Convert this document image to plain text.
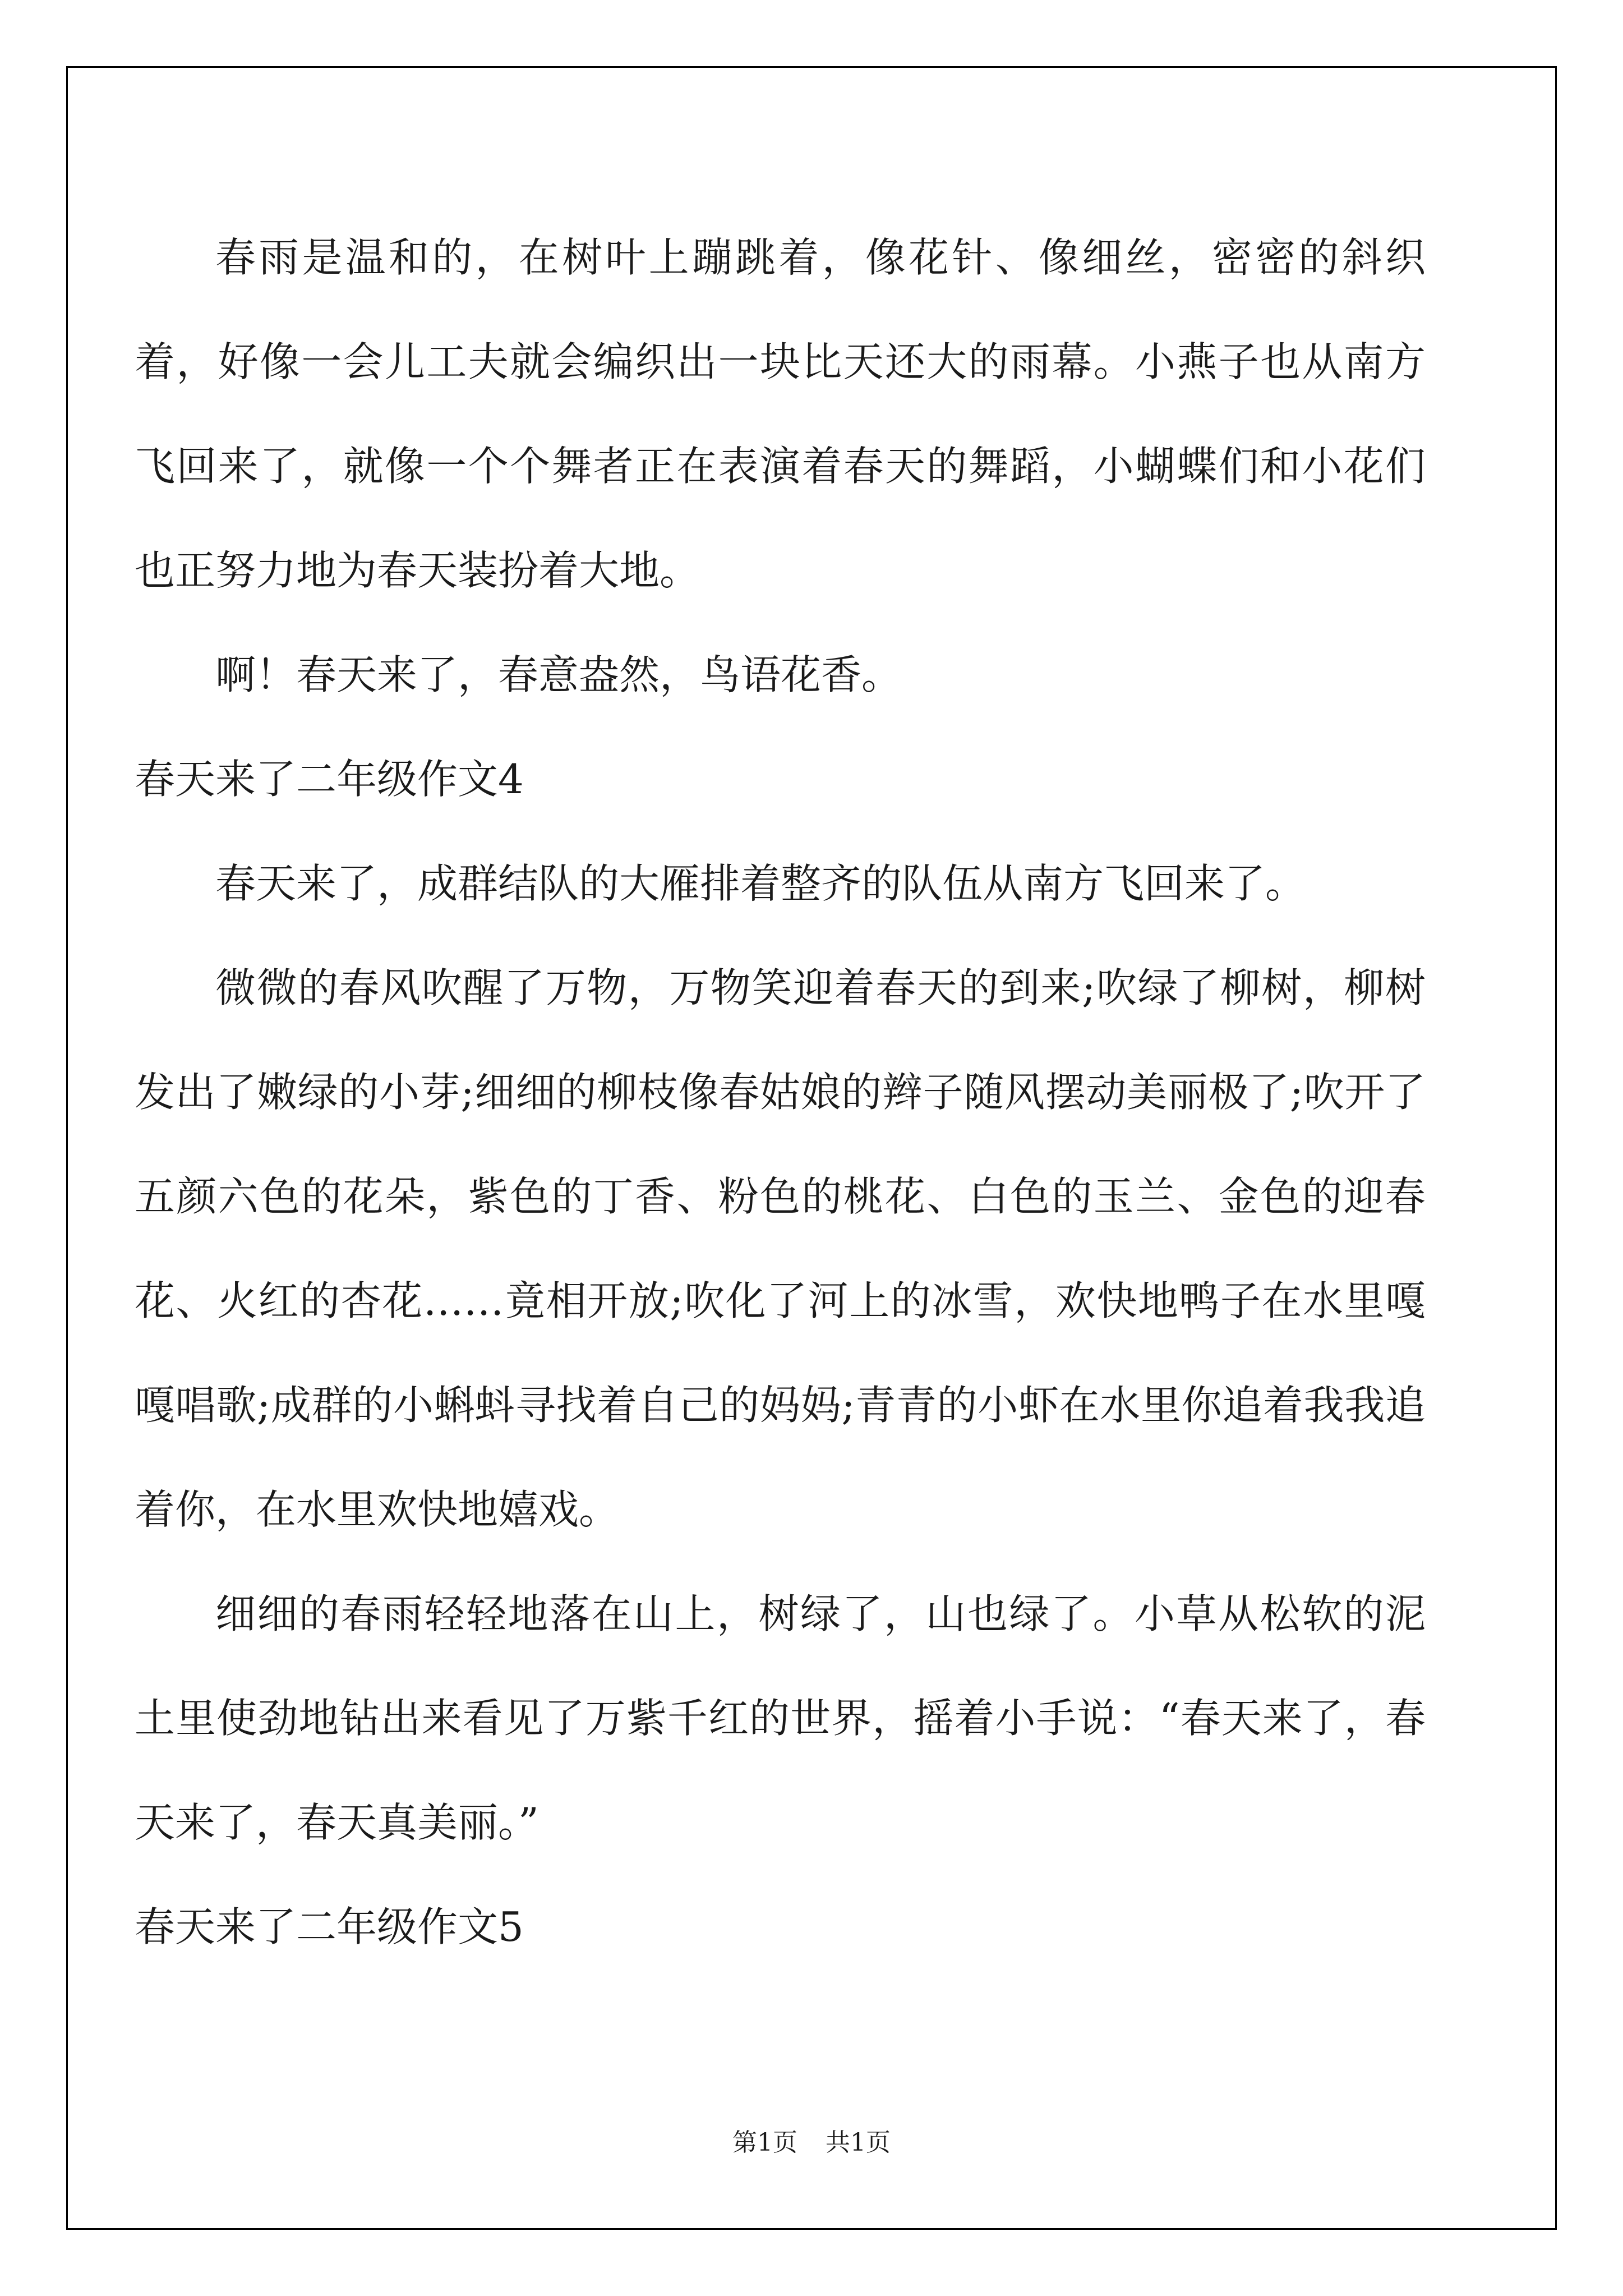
春雨是温和的，在树叶上蹦跳着，像花针、像细丝，密密的斜织着，好像一会儿工夫就会编织出一块比天还大的雨幕。小燕子也从南方飞回来了，就像一个个舞者正在表演着春天的舞蹈，小蝴蝶们和小花们也正努力地为春天装扮着大地。

啊！春天来了，春意盎然，鸟语花香。

春天来了二年级作文4

春天来了，成群结队的大雁排着整齐的队伍从南方飞回来了。

微微的春风吹醒了万物，万物笑迎着春天的到来;吹绿了柳树，柳树发出了嫩绿的小芽;细细的柳枝像春姑娘的辫子随风摆动美丽极了;吹开了五颜六色的花朵，紫色的丁香、粉色的桃花、白色的玉兰、金色的迎春花、火红的杏花……竟相开放;吹化了河上的冰雪，欢快地鸭子在水里嘎嘎唱歌;成群的小蝌蚪寻找着自己的妈妈;青青的小虾在水里你追着我我追着你，在水里欢快地嬉戏。

细细的春雨轻轻地落在山上，树绿了，山也绿了。小草从松软的泥土里使劲地钻出来看见了万紫千红的世界，摇着小手说：“春天来了，春天来了，春天真美丽。”

春天来了二年级作文5

第1页 共1页
